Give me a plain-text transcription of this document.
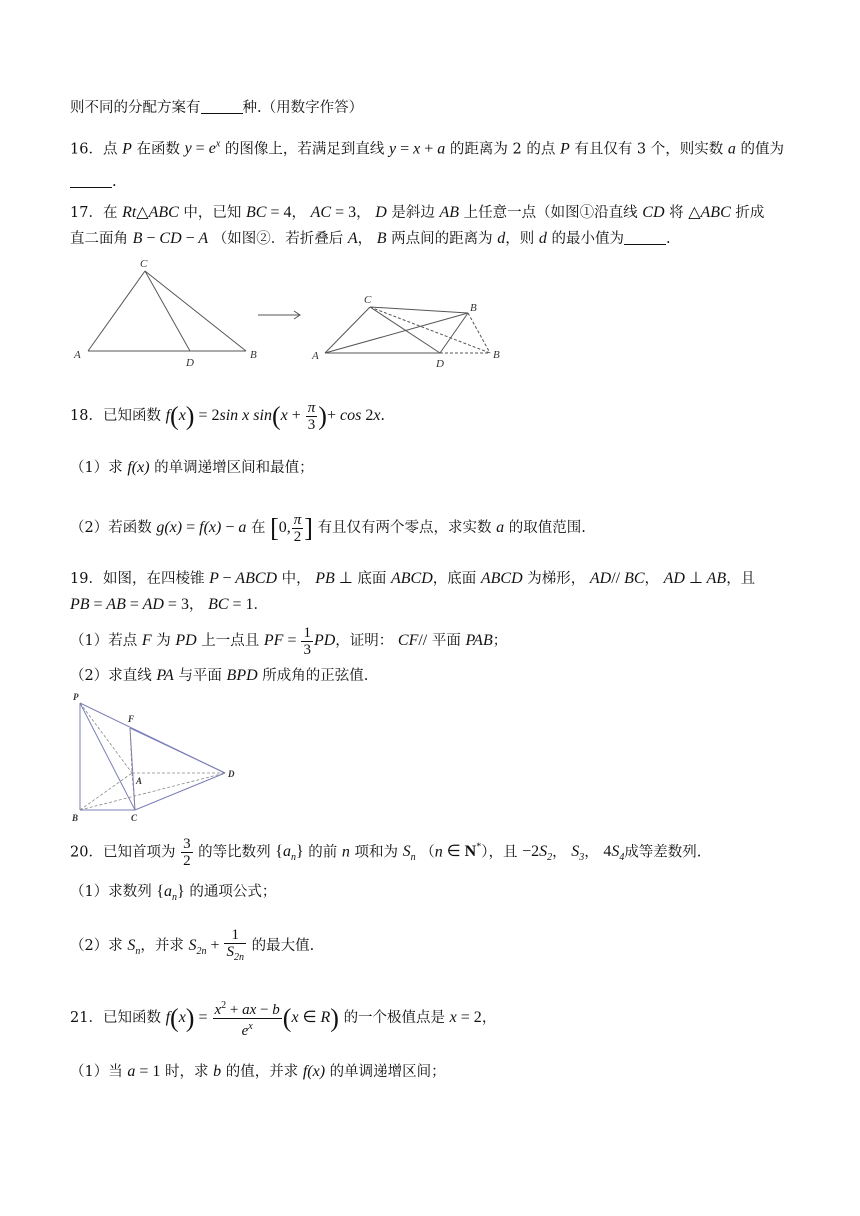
则不同的分配方案有	种.（用数字作答）
16．点 P 在函数 $y = e^x$ 的图像上，若满足到直线 y = x + a 的距离为 2 的点 P 有且仅有 3 个，则实数 a 的值为
.
17．在 Rt△ABC 中，已知 BC = 4， AC = 3， D 是斜边 AB 上任意一点（如图①沿直线 CD 将 △ABC 折成
直二面角 B − CD − A （如图②．若折叠后 A， B 两点间的距离为 d，则 d 的最小值为	.
C
A
D
B
C
B
A
D
B
18．已知函数 f(x) = 2sin x $\sin(x + \frac{\pi}{3}$ )+ cos 2x.
（1）求 f(x) 的单调递增区间和最值；
（2）若函数 g(x) = f(x) − a 在 [0, $\frac{\pi}{2}$ ] 有且仅有两个零点，求实数 a 的取值范围.
19．如图，在四棱锥 P − ABCD 中， PB ⊥ 底面 ABCD，底面 ABCD 为梯形， AD// BC， AD ⊥ AB，且
PB = AB = AD = 3， BC = 1．
（1）若点 F 为 PD 上一点且 PF = $\frac{1}{3}$ PD，证明： CF// 平面 PAB；
（2）求直线 PA 与平面 BPD 所成角的正弦值.
P
F
A
D
B	C
20．已知首项为 $\frac{3}{2}$ 的等比数列 $\{a_n\}$ 的前 n 项和为 $S_n$ （n ∈ N*），且 $-2S_2$， $S_3$， $4S_4$成等差数列.
（1）求数列 $\{a_n\}$ 的通项公式；
（2）求 $S_n$，并求 $S_{2n} + \frac{1}{S_{2n}}$ 的最大值.
21．已知函数 $f(x) = \frac{x^2 + ax - b}{e^x} (x$ ∈ R) 的一个极值点是 x = 2，
（1）当 a = 1 时，求 b 的值，并求 f(x) 的单调递增区间；
